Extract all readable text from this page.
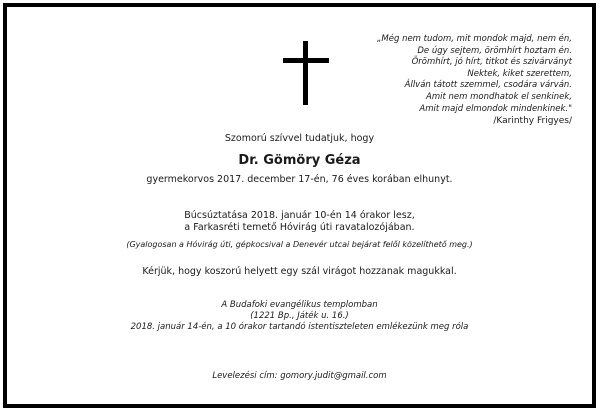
„Még nem tudom, mit mondok majd, nem én,
De úgy sejtem, örömhírt hoztam én.
Örömhírt, jó hírt, titkot és szivárványt
Nektek, kiket szerettem,
Állván tátott szemmel, csodára várván.
Amit nem mondhatok el senkinek,
Amit majd elmondok mindenkinek."
/Karinthy Frigyes/
Szomorú szívvel tudatjuk, hogy
Dr. Gömöry Géza
gyermekorvos 2017. december 17-én, 76 éves korában elhunyt.
Búcsúztatása 2018. január 10-én 14 órakor lesz,
a Farkasréti temető Hóvirág úti ravatalozójában.
(Gyalogosan a Hóvirág úti, gépkocsival a Denevér utcai bejárat felől közelíthető meg.)
Kérjük, hogy koszorú helyett egy szál virágot hozzanak magukkal.
A Budafoki evangélikus templomban
(1221 Bp., Játék u. 16.)
2018. január 14-én, a 10 órakor tartandó istentiszteleten emlékezünk meg róla
Levelezési cím: gomory.judit@gmail.com
